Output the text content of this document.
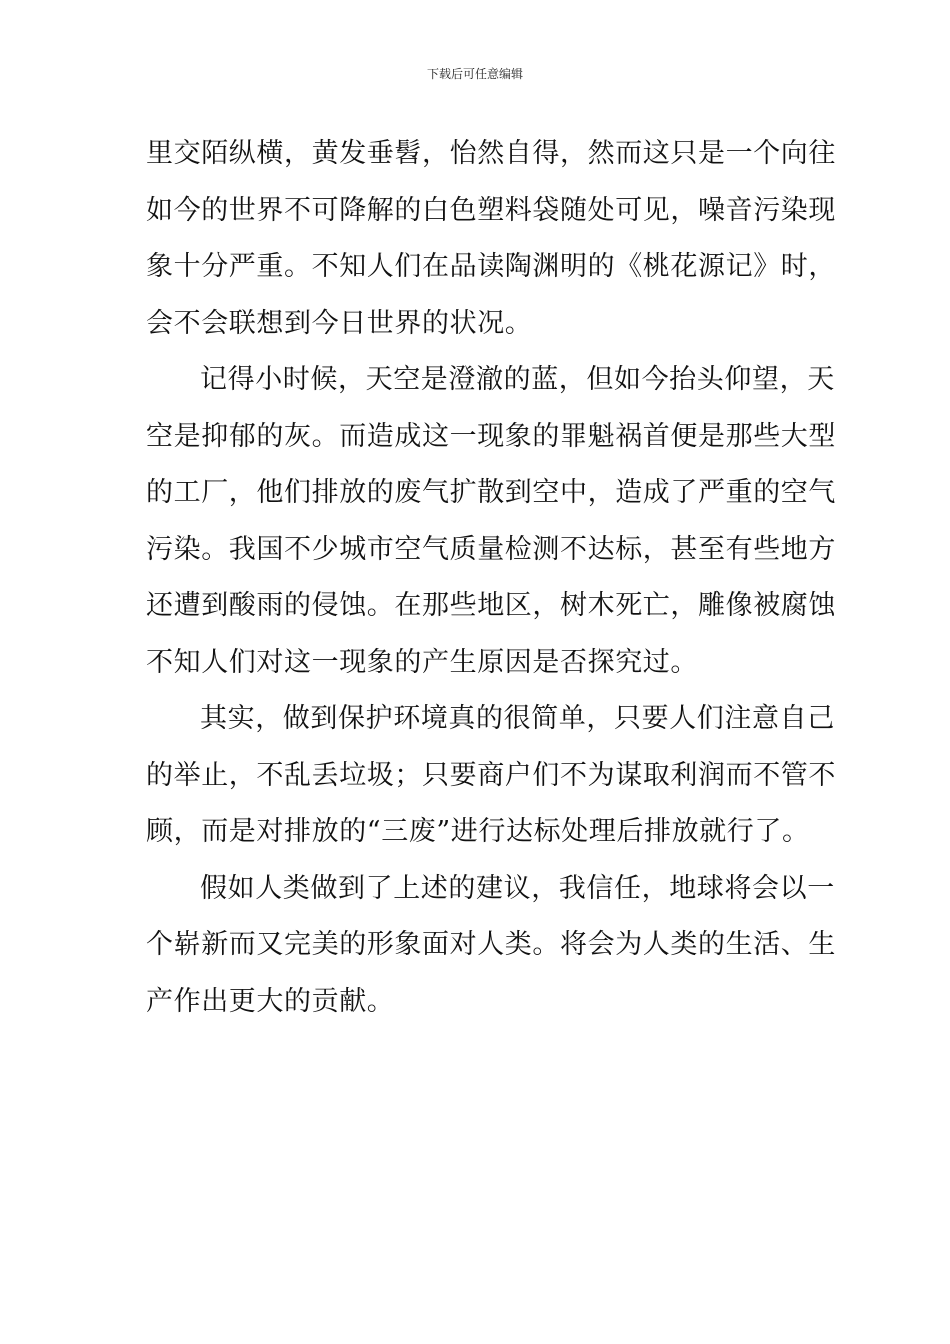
下载后可任意编辑

里交陌纵横，黄发垂髫，怡然自得，然而这只是一个向往
如今的世界不可降解的白色塑料袋随处可见，噪音污染现
象十分严重。不知人们在品读陶渊明的《桃花源记》时，
会不会联想到今日世界的状况。

记得小时候，天空是澄澈的蓝，但如今抬头仰望，天
空是抑郁的灰。而造成这一现象的罪魁祸首便是那些大型
的工厂，他们排放的废气扩散到空中，造成了严重的空气
污染。我国不少城市空气质量检测不达标，甚至有些地方
还遭到酸雨的侵蚀。在那些地区，树木死亡，雕像被腐蚀
不知人们对这一现象的产生原因是否探究过。

其实，做到保护环境真的很简单，只要人们注意自己
的举止，不乱丢垃圾；只要商户们不为谋取利润而不管不
顾，而是对排放的“三废”进行达标处理后排放就行了。

假如人类做到了上述的建议，我信任，地球将会以一
个崭新而又完美的形象面对人类。将会为人类的生活、生
产作出更大的贡献。
